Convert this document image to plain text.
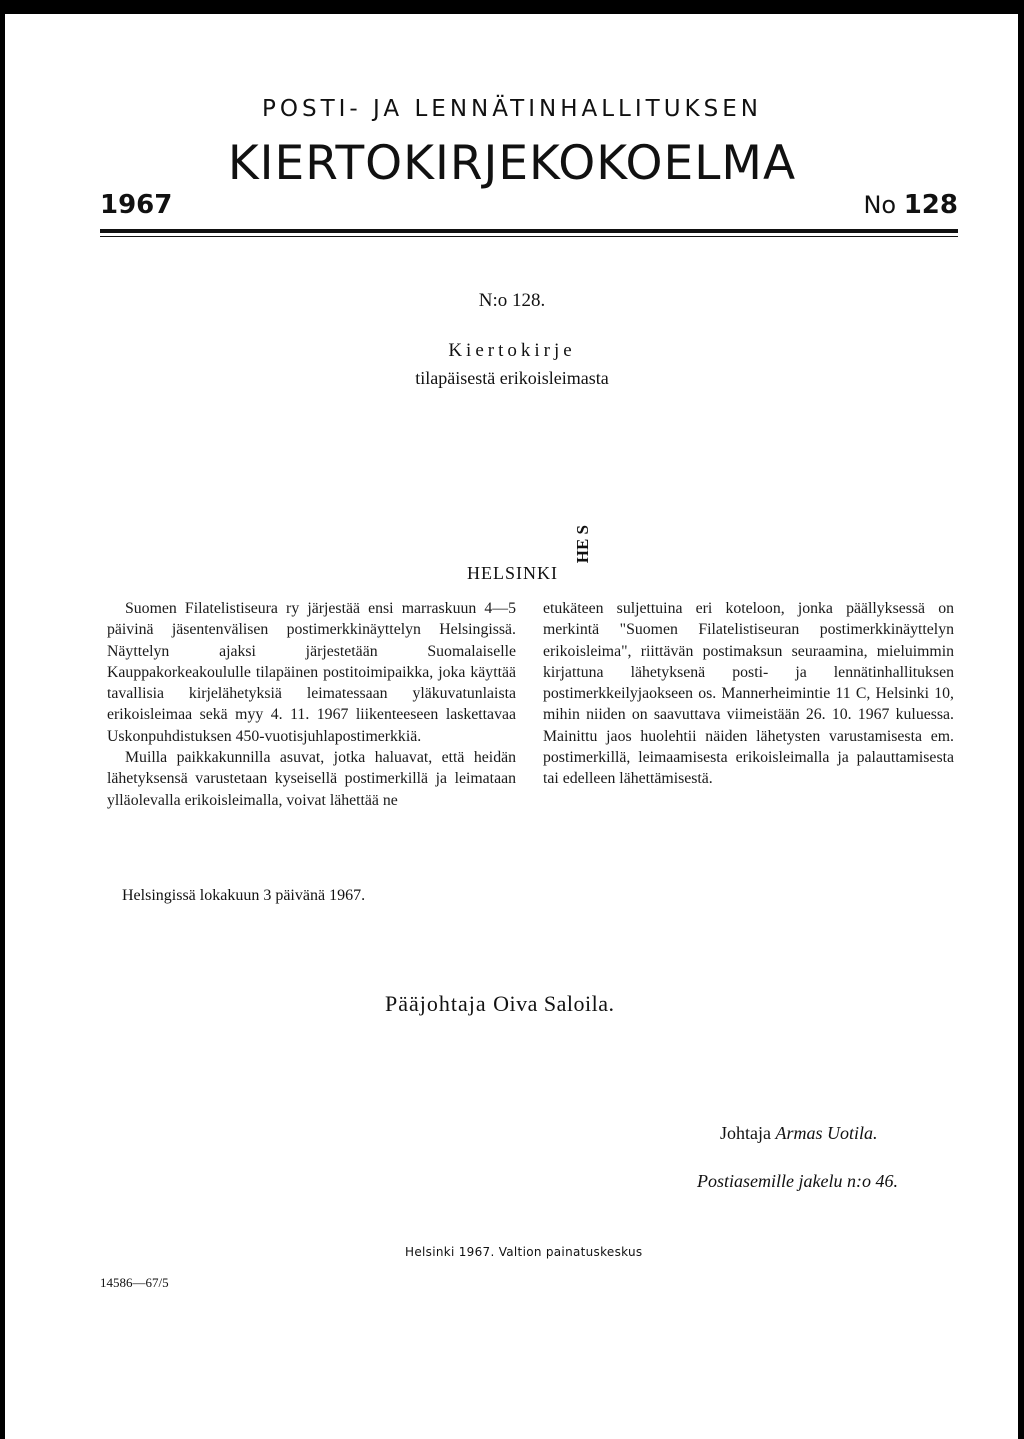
POSTI- JA LENNÄTINHALLITUKSEN
KIERTOKIRJEKOKOELMA
1967	No 128
N:o 128.
Kiertokirje
tilapäisestä erikoisleimasta
HELSINKI
HE S

Suomen Filatelistiseura ry järjestää ensi marraskuun 4—5 päivinä jäsentenvälisen postimerkkinäyttelyn Helsingissä. Näyttelyn ajaksi järjestetään Suomalaiselle Kauppakorkeakoululle tilapäinen postitoimipaikka, joka käyttää tavallisia kirjelähetyksiä leimatessaan yläkuvatunlaista erikoisleimaa sekä myy 4. 11. 1967 liikenteeseen laskettavaa Uskonpuhdistuksen 450-vuotisjuhlapostimerkkiä.

Muilla paikkakunnilla asuvat, jotka haluavat, että heidän lähetyksensä varustetaan kyseisellä postimerkillä ja leimataan ylläolevalla erikoisleimalla, voivat lähettää ne

etukäteen suljettuina eri koteloon, jonka päällyksessä on merkintä "Suomen Filatelistiseuran postimerkkinäyttelyn erikoisleima", riittävän postimaksun seuraamina, mieluimmin kirjattuna lähetyksenä posti- ja lennätinhallituksen postimerkkeilyjaokseen os. Mannerheimintie 11 C, Helsinki 10, mihin niiden on saavuttava viimeistään 26. 10. 1967 kuluessa. Mainittu jaos huolehtii näiden lähetysten varustamisesta em. postimerkillä, leimaamisesta erikoisleimalla ja palauttamisesta tai edelleen lähettämisestä.

Helsingissä lokakuun 3 päivänä 1967.
Pääjohtaja Oiva Saloila.
Johtaja Armas Uotila.
Postiasemille jakelu n:o 46.
Helsinki 1967. Valtion painatuskeskus
14586—67/5
